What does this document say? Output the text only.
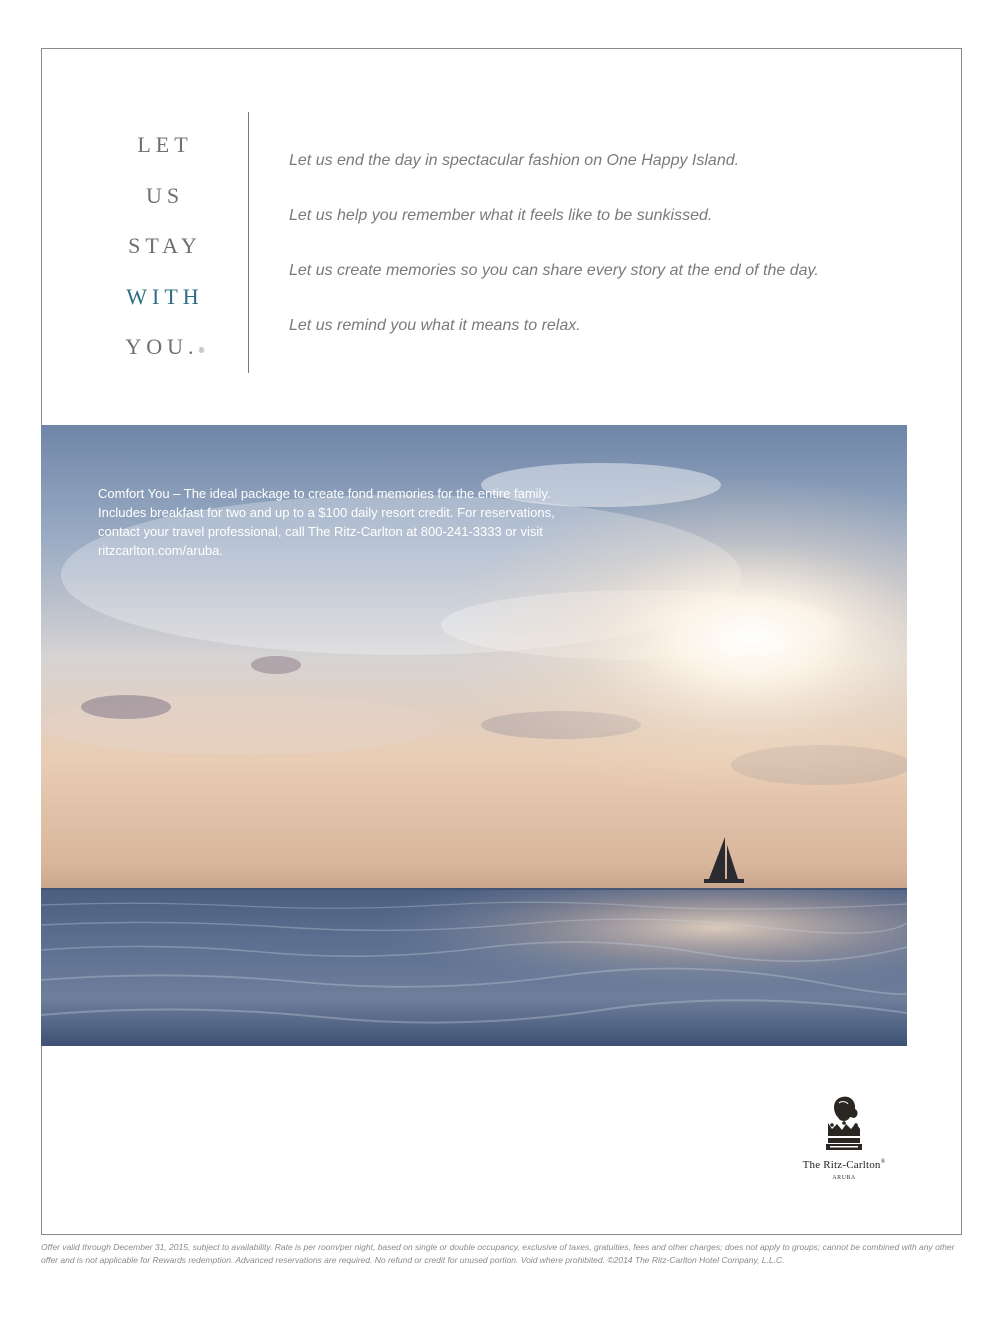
LET
US
STAY
WITH
YOU.®
Let us end the day in spectacular fashion on One Happy Island.
Let us help you remember what it feels like to be sunkissed.
Let us create memories so you can share every story at the end of the day.
Let us remind you what it means to relax.
Comfort You – The ideal package to create fond memories for the entire family. Includes breakfast for two and up to a $100 daily resort credit. For reservations, contact your travel professional, call The Ritz-Carlton at 800-241-3333 or visit ritzcarlton.com/aruba.
The Ritz-Carlton®
ARUBA
Offer valid through December 31, 2015, subject to availability. Rate is per room/per night, based on single or double occupancy, exclusive of taxes, gratuities, fees and other charges; does not apply to groups; cannot be combined with any other offer and is not applicable for Rewards redemption. Advanced reservations are required. No refund or credit for unused portion. Void where prohibited. ©2014 The Ritz-Carlton Hotel Company, L.L.C.
